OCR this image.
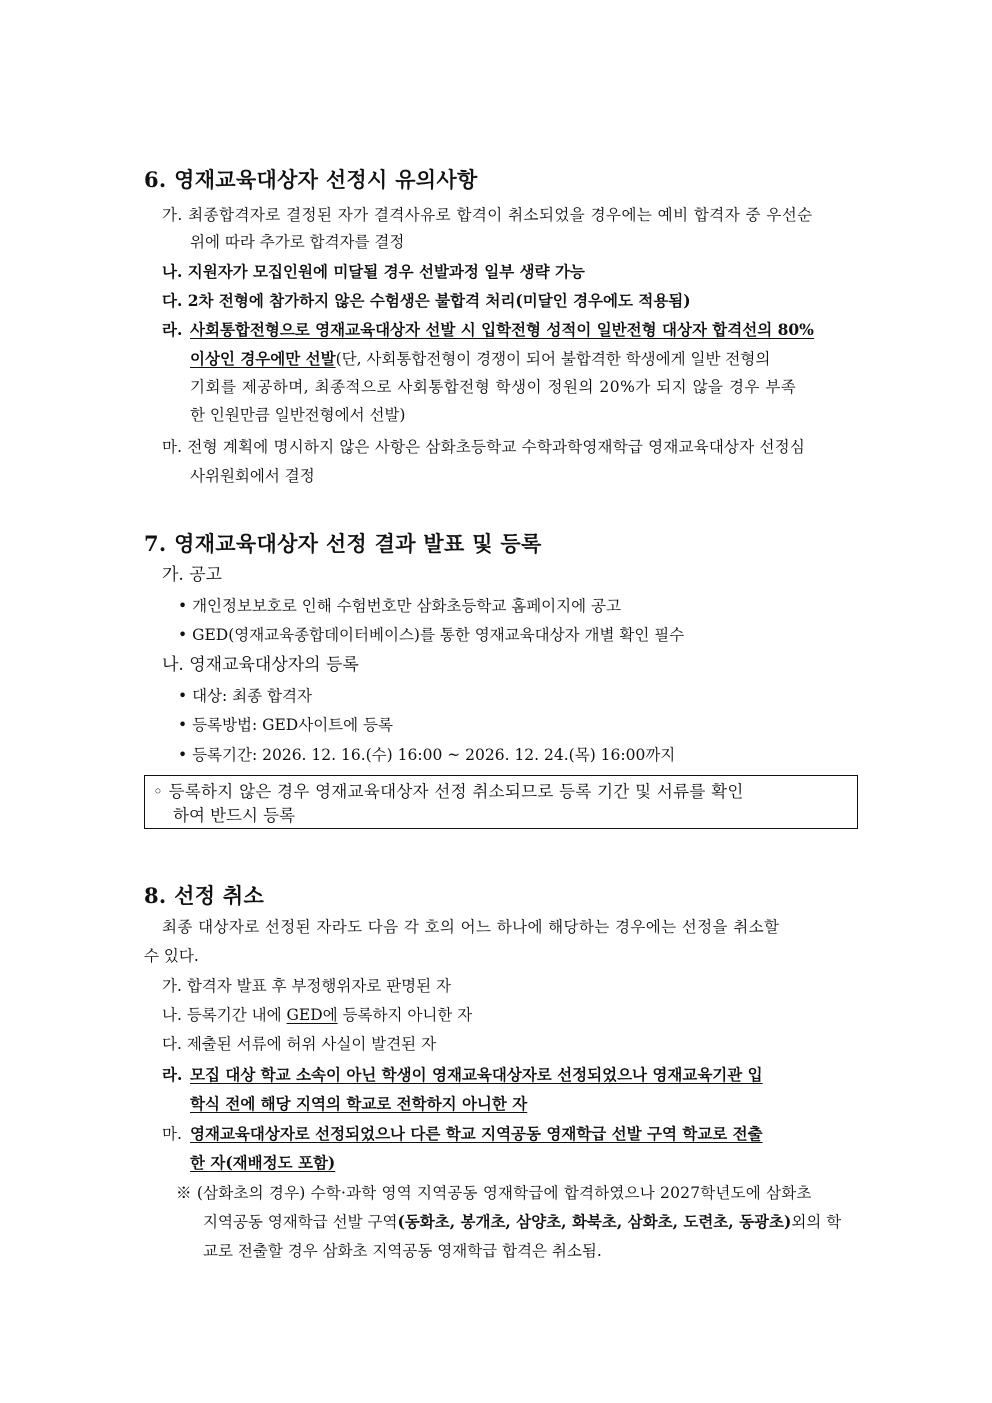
6. 영재교육대상자 선정시 유의사항
가. 최종합격자로 결정된 자가 결격사유로 합격이 취소되었을 경우에는 예비 합격자 중 우선순
위에 따라 추가로 합격자를 결정
나. 지원자가 모집인원에 미달될 경우 선발과정 일부 생략 가능
다. 2차 전형에 참가하지 않은 수험생은 불합격 처리(미달인 경우에도 적용됨)
라. 사회통합전형으로 영재교육대상자 선발 시 입학전형 성적이 일반전형 대상자 합격선의 80%
이상인 경우에만 선발(단, 사회통합전형이 경쟁이 되어 불합격한 학생에게 일반 전형의
기회를 제공하며, 최종적으로 사회통합전형 학생이 정원의 20%가 되지 않을 경우 부족
한 인원만큼 일반전형에서 선발)
마. 전형 계획에 명시하지 않은 사항은 삼화초등학교 수학과학영재학급 영재교육대상자 선정심
사위원회에서 결정
7. 영재교육대상자 선정 결과 발표 및 등록
가. 공고
• 개인정보보호로 인해 수험번호만 삼화초등학교 홈페이지에 공고
• GED(영재교육종합데이터베이스)를 통한 영재교육대상자 개별 확인 필수
나. 영재교육대상자의 등록
• 대상: 최종 합격자
• 등록방법: GED사이트에 등록
• 등록기간: 2026. 12. 16.(수) 16:00 ~ 2026. 12. 24.(목) 16:00까지
◦ 등록하지 않은 경우 영재교육대상자 선정 취소되므로 등록 기간 및 서류를 확인
하여 반드시 등록
8. 선정 취소
최종 대상자로 선정된 자라도 다음 각 호의 어느 하나에 해당하는 경우에는 선정을 취소할
수 있다.
가. 합격자 발표 후 부정행위자로 판명된 자
나. 등록기간 내에 GED에 등록하지 아니한 자
다. 제출된 서류에 허위 사실이 발견된 자
라. 모집 대상 학교 소속이 아닌 학생이 영재교육대상자로 선정되었으나 영재교육기관 입
학식 전에 해당 지역의 학교로 전학하지 아니한 자
마. 영재교육대상자로 선정되었으나 다른 학교 지역공동 영재학급 선발 구역 학교로 전출
한 자(재배정도 포함)
※ (삼화초의 경우) 수학·과학 영역 지역공동 영재학급에 합격하였으나 2027학년도에 삼화초
지역공동 영재학급 선발 구역(동화초, 봉개초, 삼양초, 화북초, 삼화초, 도련초, 동광초)외의 학
교로 전출할 경우 삼화초 지역공동 영재학급 합격은 취소됨.
